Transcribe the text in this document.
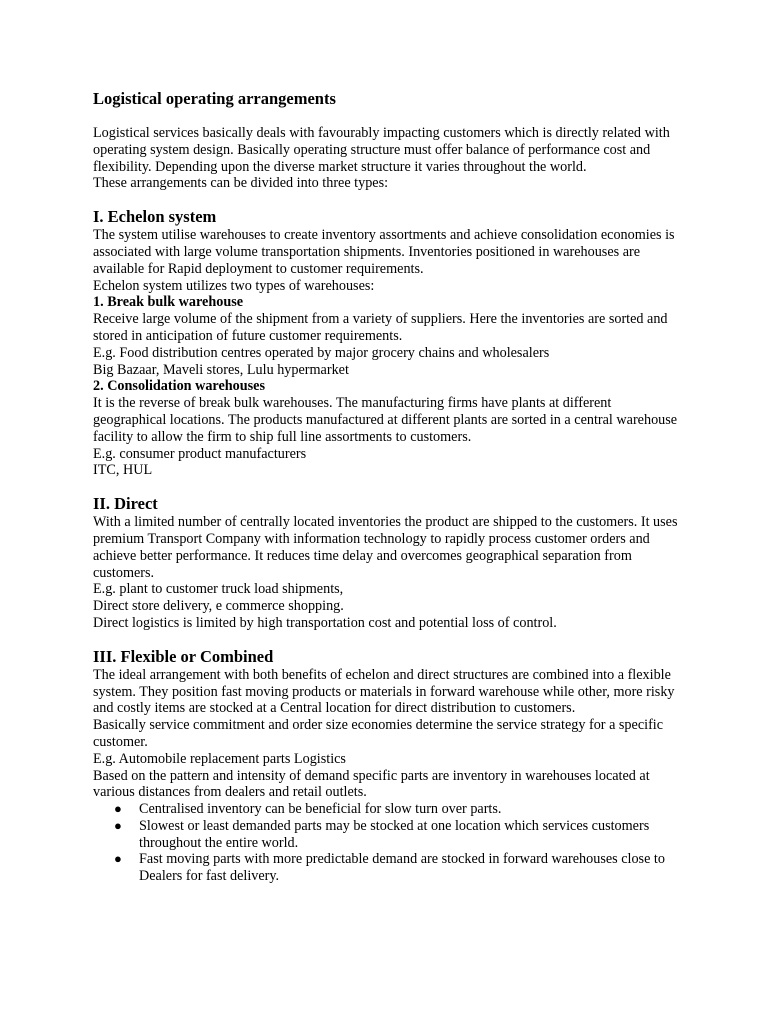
Logistical operating arrangements

Logistical services basically deals with favourably impacting customers which is directly related with operating system design. Basically operating structure must offer balance of performance cost and flexibility. Depending upon the diverse market structure it varies throughout the world.

These arrangements can be divided into three types:

I. Echelon system

The system utilise warehouses to create inventory assortments and achieve consolidation economies is associated with large volume transportation shipments. Inventories positioned in warehouses are available for Rapid deployment to customer requirements.

Echelon system utilizes two types of warehouses:

1. Break bulk warehouse

Receive large volume of the shipment from a variety of suppliers. Here the inventories are sorted and stored in anticipation of future customer requirements.

E.g. Food distribution centres operated by major grocery chains and wholesalers

Big Bazaar, Maveli stores, Lulu hypermarket

2. Consolidation warehouses

It is the reverse of break bulk warehouses. The manufacturing firms have plants at different geographical locations. The products manufactured at different plants are sorted in a central warehouse facility to allow the firm to ship full line assortments to customers.

E.g. consumer product manufacturers

ITC, HUL

II. Direct

With a limited number of centrally located inventories the product are shipped to the customers. It uses premium Transport Company with information technology to rapidly process customer orders and achieve better performance. It reduces time delay and overcomes geographical separation from customers.

E.g. plant to customer truck load shipments,

Direct store delivery, e commerce shopping.

Direct logistics is limited by high transportation cost and potential loss of control.

III. Flexible or Combined

The ideal arrangement with both benefits of echelon and direct structures are combined into a flexible system. They position fast moving products or materials in forward warehouse while other, more risky and costly items are stocked at a Central location for direct distribution to customers.

Basically service commitment and order size economies determine the service strategy for a specific customer.

E.g. Automobile replacement parts Logistics

Based on the pattern and intensity of demand specific parts are inventory in warehouses located at various distances from dealers and retail outlets.

● Centralised inventory can be beneficial for slow turn over parts.
● Slowest or least demanded parts may be stocked at one location which services customers throughout the entire world.
● Fast moving parts with more predictable demand are stocked in forward warehouses close to Dealers for fast delivery.
